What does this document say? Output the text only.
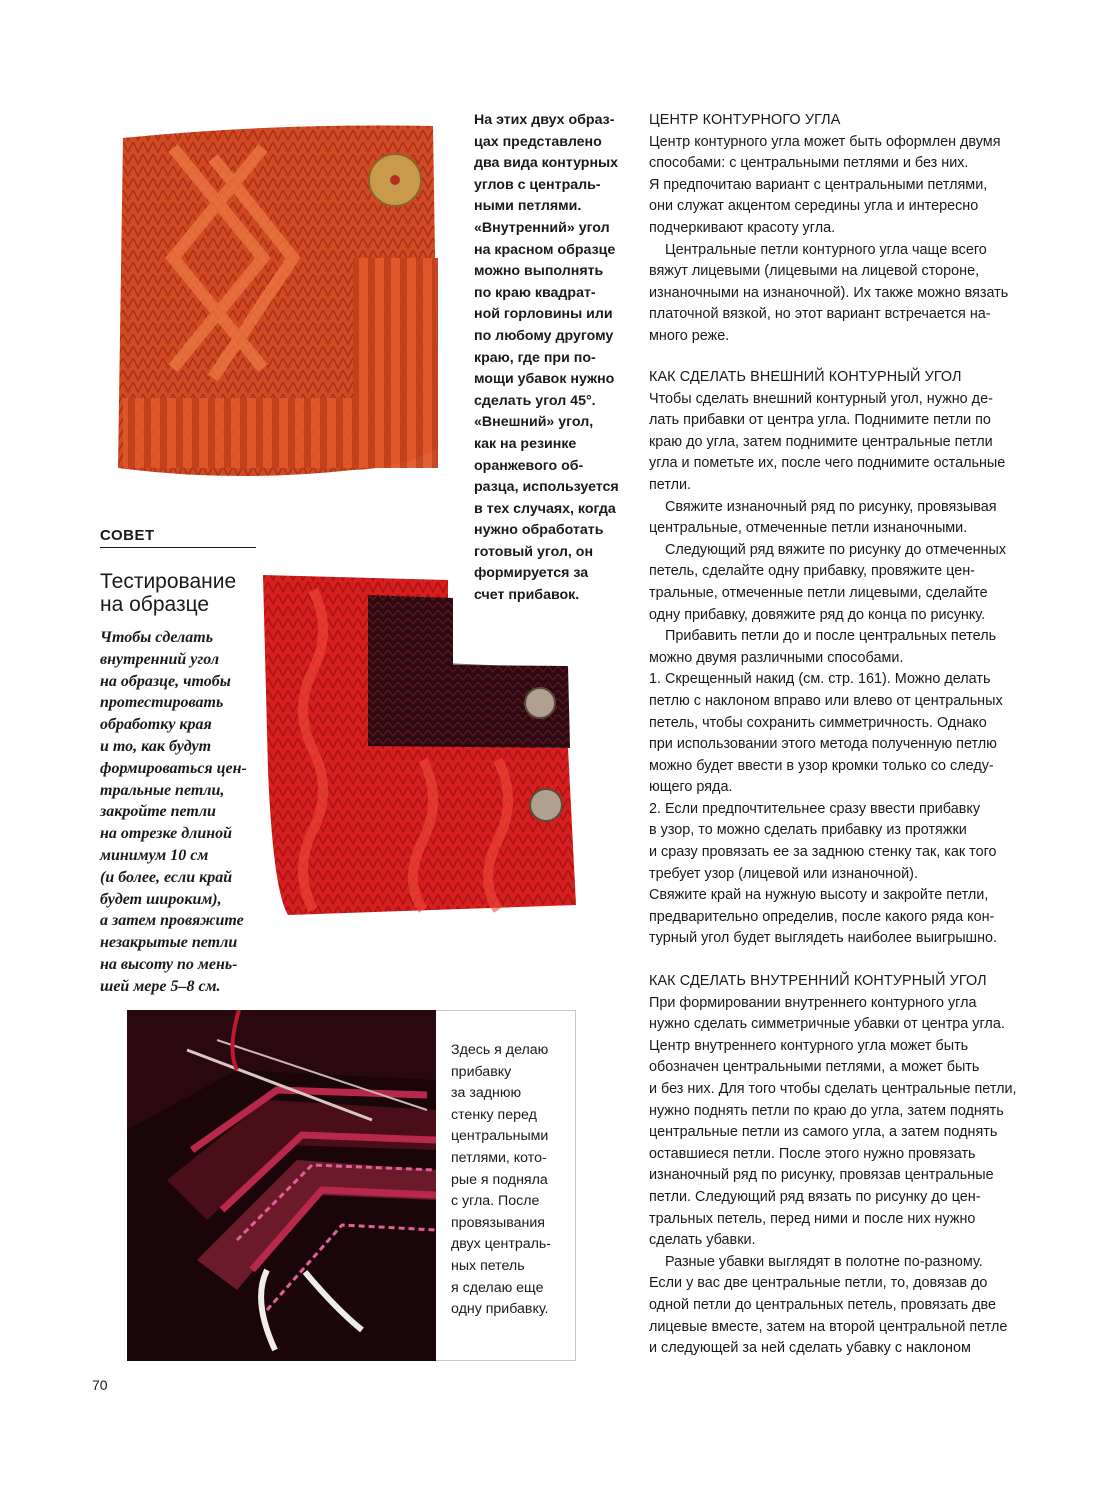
На этих двух образ-

цах представлено

два вида контурных

углов с централь-

ными петлями.

«Внутренний» угол

на красном образце

можно выполнять

по краю квадрат-

ной горловины или

по любому другому

краю, где при по-

мощи убавок нужно

сделать угол 45°.

«Внешний» угол,

как на резинке

оранжевого об-

разца, используется

в тех случаях, когда

нужно обработать

готовый угол, он

формируется за

счет прибавок.

СОВЕТ
Тестирование
на образце

Чтобы сделать

внутренний угол

на образце, чтобы

протестировать

обработку края

и то, как будут

формироваться цен-

тральные петли,

закройте петли

на отрезке длиной

минимум 10 см

(и более, если край

будет широким),

а затем провяжите

незакрытые петли

на высоту по мень-

шей мере 5–8 см.

ЦЕНТР КОНТУРНОГО УГЛА

Центр контурного угла может быть оформлен двумя

способами: с центральными петлями и без них.

Я предпочитаю вариант с центральными петлями,

они служат акцентом середины угла и интересно

подчеркивают красоту угла.

Центральные петли контурного угла чаще всего

вяжут лицевыми (лицевыми на лицевой стороне,

изнаночными на изнаночной). Их также можно вязать

платочной вязкой, но этот вариант встречается на-

много реже.

КАК СДЕЛАТЬ ВНЕШНИЙ КОНТУРНЫЙ УГОЛ

Чтобы сделать внешний контурный угол, нужно де-

лать прибавки от центра угла. Поднимите петли по

краю до угла, затем поднимите центральные петли

угла и пометьте их, после чего поднимите остальные

петли.

Свяжите изнаночный ряд по рисунку, провязывая

центральные, отмеченные петли изнаночными.

Следующий ряд вяжите по рисунку до отмеченных

петель, сделайте одну прибавку, провяжите цен-

тральные, отмеченные петли лицевыми, сделайте

одну прибавку, довяжите ряд до конца по рисунку.

Прибавить петли до и после центральных петель

можно двумя различными способами.

1. Скрещенный накид (см. стр. 161). Можно делать

петлю с наклоном вправо или влево от центральных

петель, чтобы сохранить симметричность. Однако

при использовании этого метода полученную петлю

можно будет ввести в узор кромки только со следу-

ющего ряда.

2. Если предпочтительнее сразу ввести прибавку

в узор, то можно сделать прибавку из протяжки

и сразу провязать ее за заднюю стенку так, как того

требует узор (лицевой или изнаночной).

Свяжите край на нужную высоту и закройте петли,

предварительно определив, после какого ряда кон-

турный угол будет выглядеть наиболее выигрышно.

КАК СДЕЛАТЬ ВНУТРЕННИЙ КОНТУРНЫЙ УГОЛ

При формировании внутреннего контурного угла

нужно сделать симметричные убавки от центра угла.

Центр внутреннего контурного угла может быть

обозначен центральными петлями, а может быть

и без них. Для того чтобы сделать центральные петли,

нужно поднять петли по краю до угла, затем поднять

центральные петли из самого угла, а затем поднять

оставшиеся петли. После этого нужно провязать

изнаночный ряд по рисунку, провязав центральные

петли. Следующий ряд вязать по рисунку до цен-

тральных петель, перед ними и после них нужно

сделать убавки.

Разные убавки выглядят в полотне по-разному.

Если у вас две центральные петли, то, довязав до

одной петли до центральных петель, провязать две

лицевые вместе, затем на второй центральной петле

и следующей за ней сделать убавку с наклоном

Здесь я делаю

прибавку

за заднюю

стенку перед

центральными

петлями, кото-

рые я подняла

с угла. После

провязывания

двух централь-

ных петель

я сделаю еще

одну прибавку.

70
